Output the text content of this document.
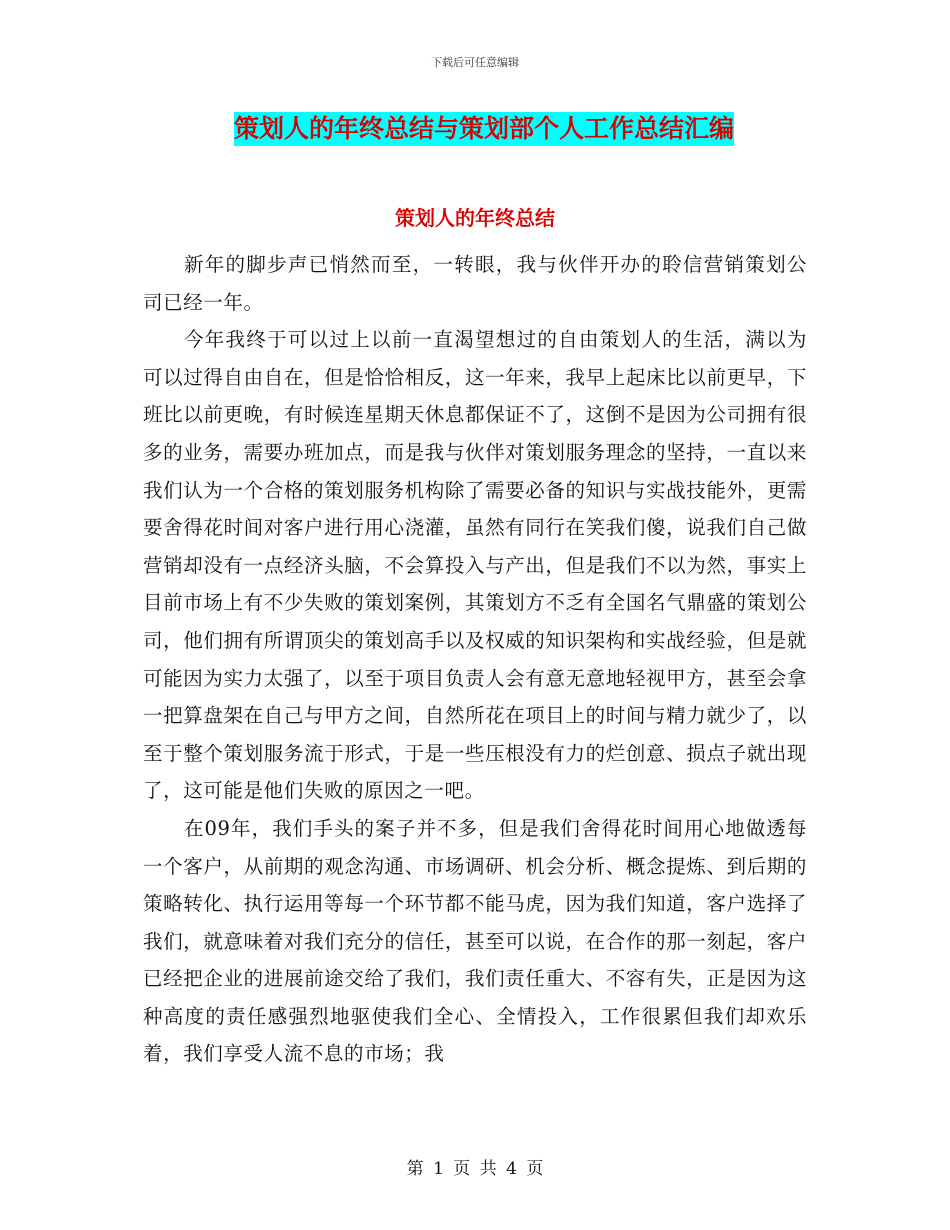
下载后可任意编辑
策划人的年终总结与策划部个人工作总结汇编
策划人的年终总结

新年的脚步声已悄然而至，一转眼，我与伙伴开办的聆信营销策划公司已经一年。

今年我终于可以过上以前一直渴望想过的自由策划人的生活，满以为可以过得自由自在，但是恰恰相反，这一年来，我早上起床比以前更早，下班比以前更晚，有时候连星期天休息都保证不了，这倒不是因为公司拥有很多的业务，需要办班加点，而是我与伙伴对策划服务理念的坚持，一直以来我们认为一个合格的策划服务机构除了需要必备的知识与实战技能外，更需要舍得花时间对客户进行用心浇灌，虽然有同行在笑我们傻，说我们自己做营销却没有一点经济头脑，不会算投入与产出，但是我们不以为然，事实上目前市场上有不少失败的策划案例，其策划方不乏有全国名气鼎盛的策划公司，他们拥有所谓顶尖的策划高手以及权威的知识架构和实战经验，但是就可能因为实力太强了，以至于项目负责人会有意无意地轻视甲方，甚至会拿一把算盘架在自己与甲方之间，自然所花在项目上的时间与精力就少了，以至于整个策划服务流于形式，于是一些压根没有力的烂创意、损点子就出现了，这可能是他们失败的原因之一吧。

在09年，我们手头的案子并不多，但是我们舍得花时间用心地做透每一个客户，从前期的观念沟通、市场调研、机会分析、概念提炼、到后期的策略转化、执行运用等每一个环节都不能马虎，因为我们知道，客户选择了我们，就意味着对我们充分的信任，甚至可以说，在合作的那一刻起，客户已经把企业的进展前途交给了我们，我们责任重大、不容有失，正是因为这种高度的责任感强烈地驱使我们全心、全情投入，工作很累但我们却欢乐着，我们享受人流不息的市场；我

第 1 页 共 4 页
